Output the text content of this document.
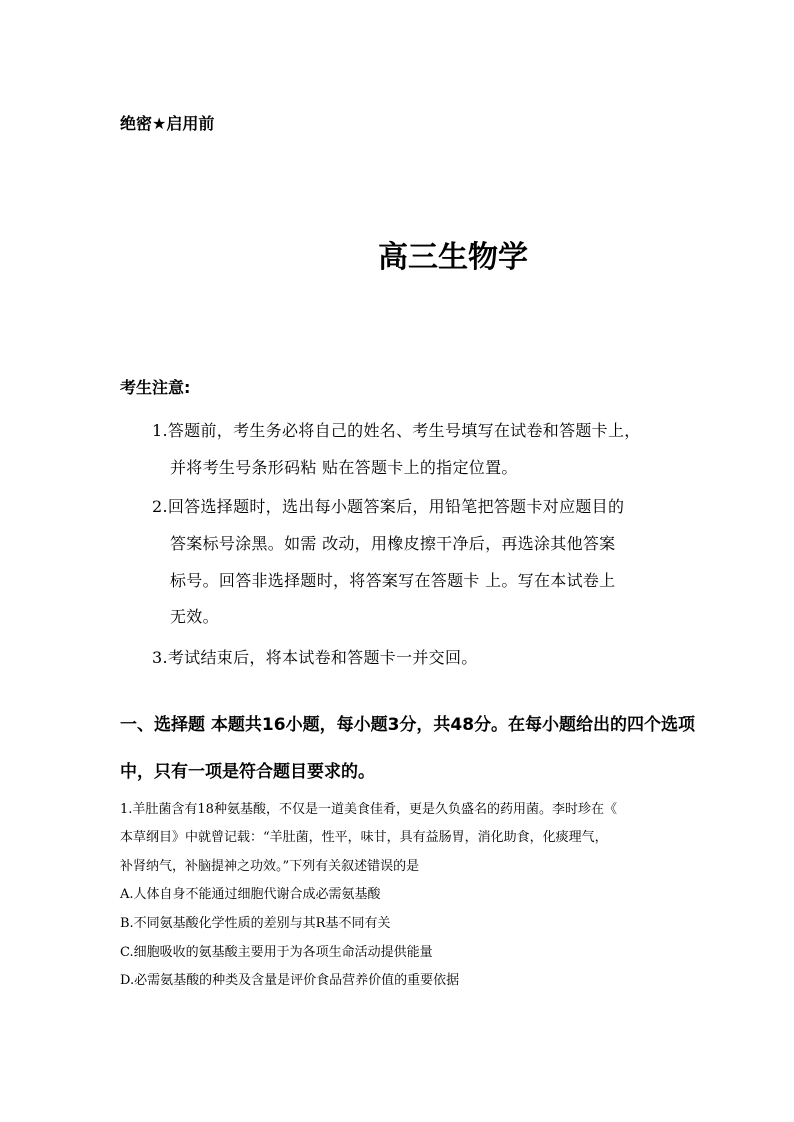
绝密★启用前
高三生物学
考生注意:
1.答题前，考生务必将自己的姓名、考生号填写在试卷和答题卡上，
并将考生号条形码粘 贴在答题卡上的指定位置。
2.回答选择题时，选出每小题答案后，用铅笔把答题卡对应题目的
答案标号涂黑。如需 改动，用橡皮擦干净后，再选涂其他答案
标号。回答非选择题时，将答案写在答题卡 上。写在本试卷上
无效。
3.考试结束后，将本试卷和答题卡一并交回。
一、选择题 本题共16小题，每小题3分，共48分。在每小题给出的四个选项
中，只有一项是符合题目要求的。
1.羊肚菌含有18种氨基酸，不仅是一道美食佳肴，更是久负盛名的药用菌。李时珍在《
本草纲目》中就曾记载：“羊肚菌，性平，味甘，具有益肠胃，消化助食，化痰理气，
补肾纳气，补脑提神之功效。”下列有关叙述错误的是
A.人体自身不能通过细胞代谢合成必需氨基酸
B.不同氨基酸化学性质的差别与其R基不同有关
C.细胞吸收的氨基酸主要用于为各项生命活动提供能量
D.必需氨基酸的种类及含量是评价食品营养价值的重要依据
